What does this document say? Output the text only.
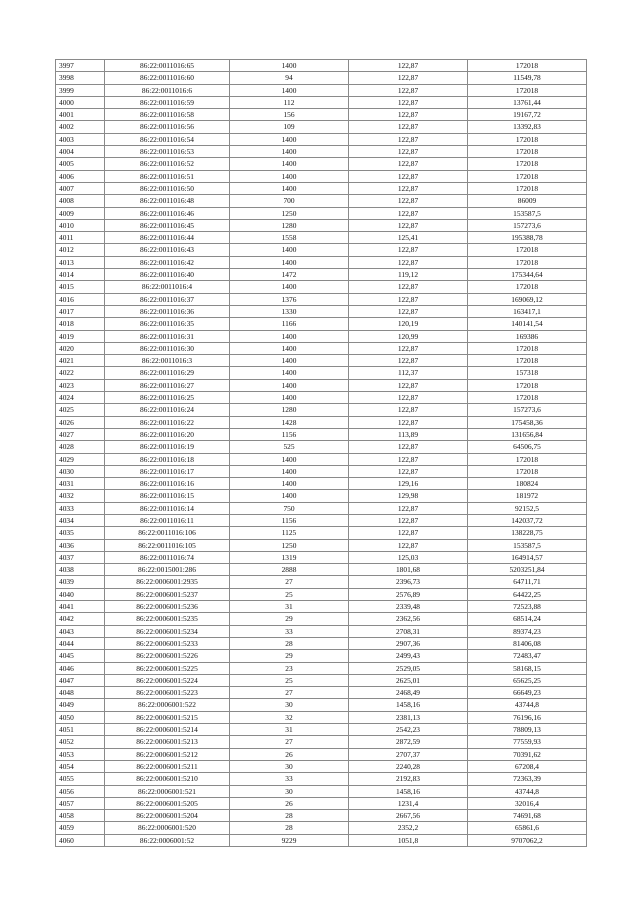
3997	86:22:0011016:65	1400	122,87	172018
3998	86:22:0011016:60	94	122,87	11549,78
3999	86:22:0011016:6	1400	122,87	172018
4000	86:22:0011016:59	112	122,87	13761,44
4001	86:22:0011016:58	156	122,87	19167,72
4002	86:22:0011016:56	109	122,87	13392,83
4003	86:22:0011016:54	1400	122,87	172018
4004	86:22:0011016:53	1400	122,87	172018
4005	86:22:0011016:52	1400	122,87	172018
4006	86:22:0011016:51	1400	122,87	172018
4007	86:22:0011016:50	1400	122,87	172018
4008	86:22:0011016:48	700	122,87	86009
4009	86:22:0011016:46	1250	122,87	153587,5
4010	86:22:0011016:45	1280	122,87	157273,6
4011	86:22:0011016:44	1558	125,41	195388,78
4012	86:22:0011016:43	1400	122,87	172018
4013	86:22:0011016:42	1400	122,87	172018
4014	86:22:0011016:40	1472	119,12	175344,64
4015	86:22:0011016:4	1400	122,87	172018
4016	86:22:0011016:37	1376	122,87	169069,12
4017	86:22:0011016:36	1330	122,87	163417,1
4018	86:22:0011016:35	1166	120,19	140141,54
4019	86:22:0011016:31	1400	120,99	169386
4020	86:22:0011016:30	1400	122,87	172018
4021	86:22:0011016:3	1400	122,87	172018
4022	86:22:0011016:29	1400	112,37	157318
4023	86:22:0011016:27	1400	122,87	172018
4024	86:22:0011016:25	1400	122,87	172018
4025	86:22:0011016:24	1280	122,87	157273,6
4026	86:22:0011016:22	1428	122,87	175458,36
4027	86:22:0011016:20	1156	113,89	131656,84
4028	86:22:0011016:19	525	122,87	64506,75
4029	86:22:0011016:18	1400	122,87	172018
4030	86:22:0011016:17	1400	122,87	172018
4031	86:22:0011016:16	1400	129,16	180824
4032	86:22:0011016:15	1400	129,98	181972
4033	86:22:0011016:14	750	122,87	92152,5
4034	86:22:0011016:11	1156	122,87	142037,72
4035	86:22:0011016:106	1125	122,87	138228,75
4036	86:22:0011016:105	1250	122,87	153587,5
4037	86:22:0011016:74	1319	125,03	164914,57
4038	86:22:0015001:286	2888	1801,68	5203251,84
4039	86:22:0006001:2935	27	2396,73	64711,71
4040	86:22:0006001:5237	25	2576,89	64422,25
4041	86:22:0006001:5236	31	2339,48	72523,88
4042	86:22:0006001:5235	29	2362,56	68514,24
4043	86:22:0006001:5234	33	2708,31	89374,23
4044	86:22:0006001:5233	28	2907,36	81406,08
4045	86:22:0006001:5226	29	2499,43	72483,47
4046	86:22:0006001:5225	23	2529,05	58168,15
4047	86:22:0006001:5224	25	2625,01	65625,25
4048	86:22:0006001:5223	27	2468,49	66649,23
4049	86:22:0006001:522	30	1458,16	43744,8
4050	86:22:0006001:5215	32	2381,13	76196,16
4051	86:22:0006001:5214	31	2542,23	78809,13
4052	86:22:0006001:5213	27	2872,59	77559,93
4053	86:22:0006001:5212	26	2707,37	70391,62
4054	86:22:0006001:5211	30	2240,28	67208,4
4055	86:22:0006001:5210	33	2192,83	72363,39
4056	86:22:0006001:521	30	1458,16	43744,8
4057	86:22:0006001:5205	26	1231,4	32016,4
4058	86:22:0006001:5204	28	2667,56	74691,68
4059	86:22:0006001:520	28	2352,2	65861,6
4060	86:22:0006001:52	9229	1051,8	9707062,2
